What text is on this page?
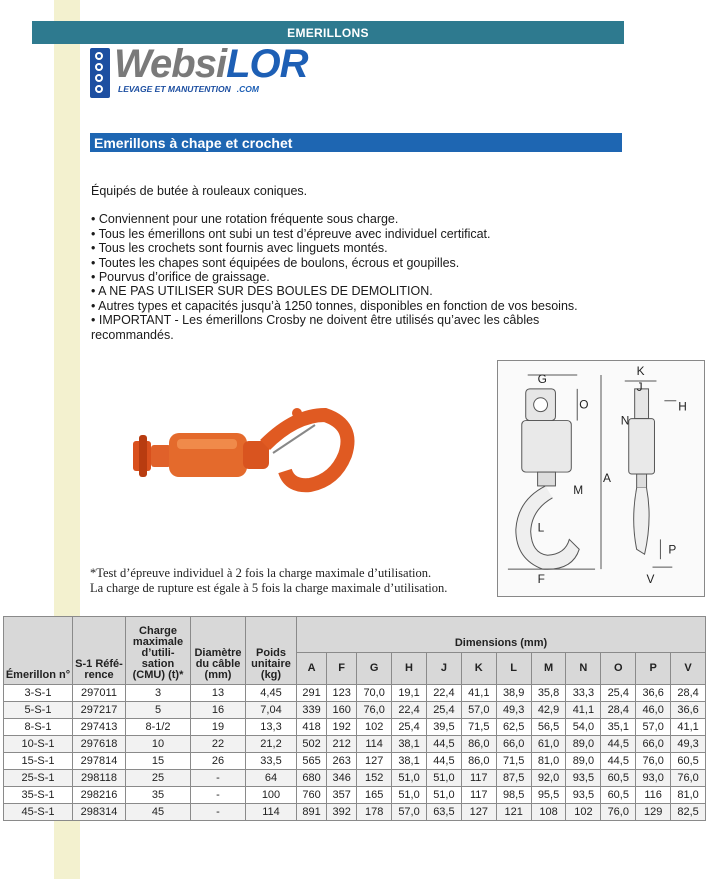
EMERILLONS
WebsiLOR
LEVAGE ET MANUTENTION .COM
Emerillons à chape et crochet

Équipés de butée à rouleaux coniques.

• Conviennent pour une rotation fréquente sous charge.

• Tous les émerillons ont subi un test d’épreuve avec individuel certificat.

• Tous les crochets sont fournis avec linguets montés.

• Toutes les chapes sont équipées de boulons, écrous et goupilles.

• Pourvus d’orifice de graissage.

• A NE PAS UTILISER SUR DES BOULES DE DEMOLITION.

• Autres types et capacités jusqu’à 1250 tonnes, disponibles en fonction de vos besoins.

• IMPORTANT - Les émerillons Crosby ne doivent être utilisés qu’avec les câbles recommandés.

G
O
K
J
H
N
A
M
L
F
P
V

*Test d’épreuve individuel à 2 fois la charge maximale d’utilisation.

La charge de rupture est égale à 5 fois la charge maximale d’utilisation.

Émerillon n°	S-1 Réfé- rence	Charge maximale d’utili- sation (CMU) (t)*	Diamètre du câble (mm)	Poids unitaire (kg)	Dimensions (mm)											
					A	F	G	H	J	K	L	M	N	O	P	V
3-S-1	297011	3	13	4,45	291	123	70,0	19,1	22,4	41,1	38,9	35,8	33,3	25,4	36,6	28,4
5-S-1	297217	5	16	7,04	339	160	76,0	22,4	25,4	57,0	49,3	42,9	41,1	28,4	46,0	36,6
8-S-1	297413	8-1/2	19	13,3	418	192	102	25,4	39,5	71,5	62,5	56,5	54,0	35,1	57,0	41,1
10-S-1	297618	10	22	21,2	502	212	114	38,1	44,5	86,0	66,0	61,0	89,0	44,5	66,0	49,3
15-S-1	297814	15	26	33,5	565	263	127	38,1	44,5	86,0	71,5	81,0	89,0	44,5	76,0	60,5
25-S-1	298118	25	-	64	680	346	152	51,0	51,0	117	87,5	92,0	93,5	60,5	93,0	76,0
35-S-1	298216	35	-	100	760	357	165	51,0	51,0	117	98,5	95,5	93,5	60,5	116	81,0
45-S-1	298314	45	-	114	891	392	178	57,0	63,5	127	121	108	102	76,0	129	82,5
